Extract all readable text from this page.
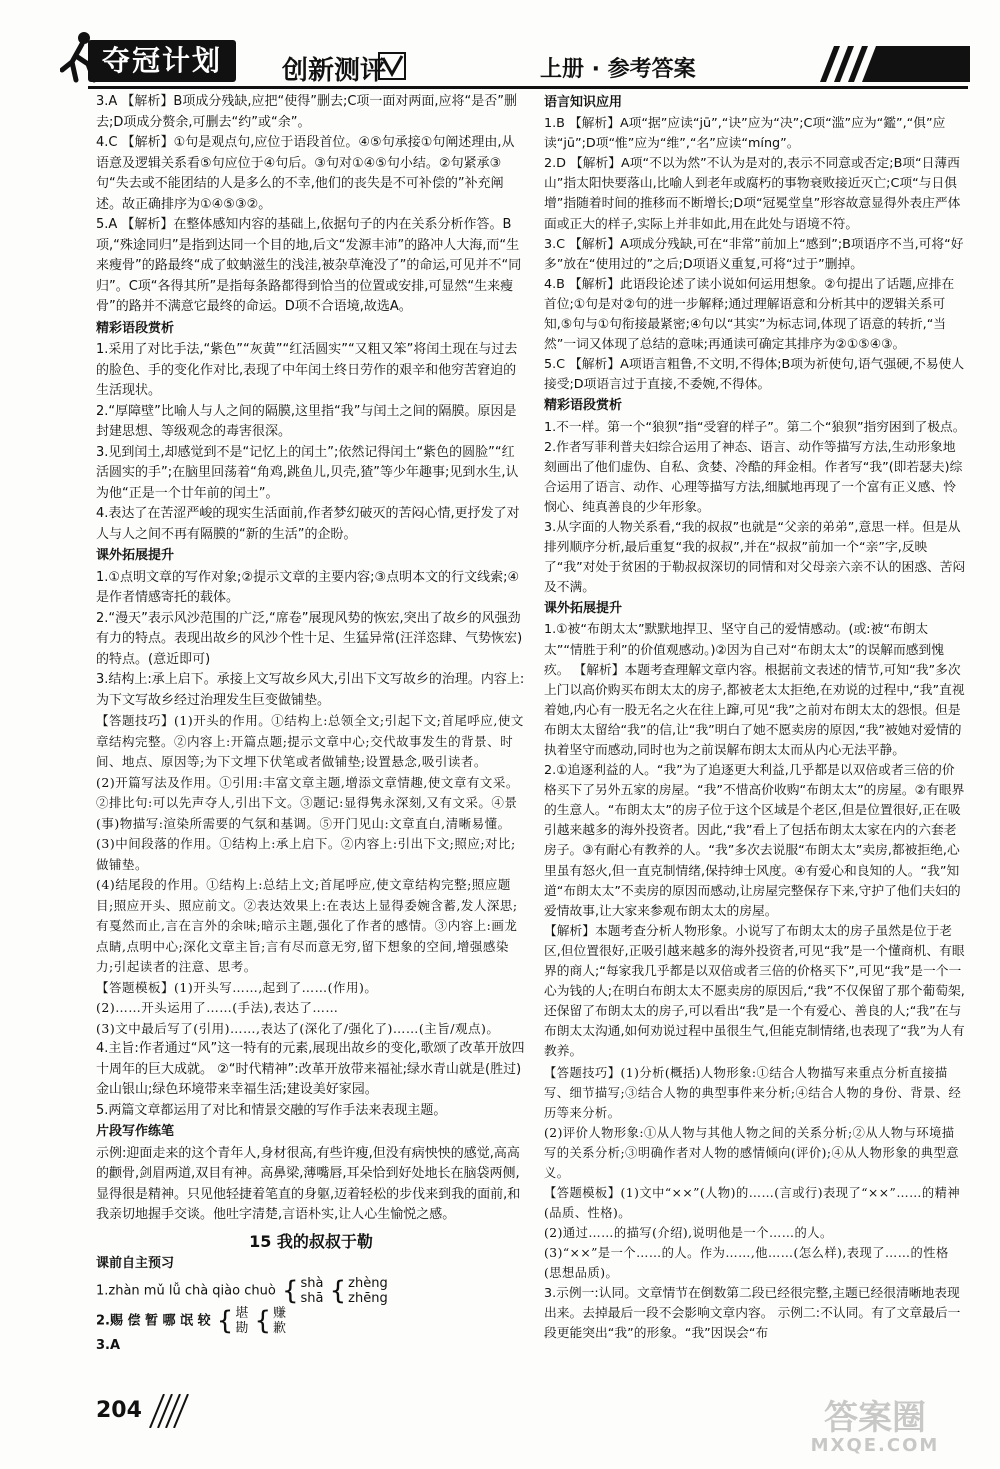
夺冠计划	创新测评	上册 · 参考答案
3.A 【解析】B项成分残缺,应把“使得”删去;C项一面对两面,应将“是否”删去;D项成分赘余,可删去“约”或“余”。
4.C 【解析】①句是观点句,应位于语段首位。④⑤句承接①句阐述理由,从语意及逻辑关系看⑤句应位于④句后。③句对①④⑤句小结。②句紧承③句“失去或不能团结的人是多么的不幸,他们的丧失是不可补偿的”补充阐述。故正确排序为①④⑤③②。
5.A 【解析】在整体感知内容的基础上,依据句子的内在关系分析作答。B项,“殊途同归”是指到达同一个目的地,后文“发源丰沛”的路冲人大海,而“生来瘦骨”的路最终“成了蚊蚋滋生的浅洼,被杂草淹没了”的命运,可见并不“同归”。C项“各得其所”是指每条路都得到恰当的位置或安排,可显然“生来瘦骨”的路并不满意它最终的命运。D项不合语境,故选A。
精彩语段赏析
1.采用了对比手法,“紫色”“灰黄”“红活圆实”“又粗又笨”将闰土现在与过去的脸色、手的变化作对比,表现了中年闰土终日劳作的艰辛和他穷苦窘迫的生活现状。
2.“厚障壁”比喻人与人之间的隔膜,这里指“我”与闰土之间的隔膜。原因是封建思想、等级观念的毒害很深。
3.见到闰土,却感觉到不是“记忆上的闰土”;依然记得闰土“紫色的圆脸”“红活圆实的手”;在脑里回荡着“角鸡,跳鱼儿,贝壳,猹”等少年趣事;见到水生,认为他“正是一个廿年前的闰土”。
4.表达了在苦涩严峻的现实生活面前,作者梦幻破灭的苦闷心情,更抒发了对人与人之间不再有隔膜的“新的生活”的企盼。
课外拓展提升
1.①点明文章的写作对象;②提示文章的主要内容;③点明本文的行文线索;④是作者情感寄托的载体。
2.“漫天”表示风沙范围的广泛,“席卷”展现风势的恢宏,突出了故乡的风强劲有力的特点。表现出故乡的风沙个性十足、生猛异常(汪洋恣肆、气势恢宏)的特点。(意近即可)
3.结构上:承上启下。承接上文写故乡风大,引出下文写故乡的治理。内容上:为下文写故乡经过治理发生巨变做铺垫。
【答题技巧】(1)开头的作用。①结构上:总领全文;引起下文;首尾呼应,使文章结构完整。②内容上:开篇点题;提示文章中心;交代故事发生的背景、时间、地点、原因等;为下文埋下伏笔或者做铺垫;设置悬念,吸引读者。
(2)开篇写法及作用。①引用:丰富文章主题,增添文章情趣,使文章有文采。②排比句:可以先声夺人,引出下文。③题记:显得隽永深刻,又有文采。④景(事)物描写:渲染所需要的气氛和基调。⑤开门见山:文章直白,清晰易懂。
(3)中间段落的作用。①结构上:承上启下。②内容上:引出下文;照应;对比;做铺垫。
(4)结尾段的作用。①结构上:总结上文;首尾呼应,使文章结构完整;照应题目;照应开头、照应前文。②表达效果上:在表达上显得委婉含蓄,发人深思;有戛然而止,言在言外的余味;暗示主题,强化了作者的感情。③内容上:画龙点睛,点明中心;深化文章主旨;言有尽而意无穷,留下想象的空间,增强感染力;引起读者的注意、思考。
【答题模板】(1)开头写……,起到了……(作用)。
(2)……开头运用了……(手法),表达了……
(3)文中最后写了(引用)……,表达了(深化了/强化了)……(主旨/观点)。
4.主旨:作者通过“风”这一特有的元素,展现出故乡的变化,歌颂了改革开放四十周年的巨大成就。 ②“时代精神”:改革开放带来福祉;绿水青山就是(胜过)金山银山;绿色环境带来幸福生活;建设美好家园。
5.两篇文章都运用了对比和情景交融的写作手法来表现主题。
片段写作练笔
示例:迎面走来的这个青年人,身材很高,有些许瘦,但没有病怏怏的感觉,高高的颧骨,剑眉两道,双目有神。高鼻梁,薄嘴唇,耳朵恰到好处地长在脑袋两侧,显得很是精神。只见他轻捷着笔直的身躯,迈着轻松的步伐来到我的面前,和我亲切地握手交谈。他吐字清楚,言语朴实,让人心生愉悦之感。
15 我的叔叔于勒
课前自主预习
1.zhàn mǔ lǚ chà qiào chuò { shà
shā { zhèng
zhēng
2.赐 偿 暂 哪 氓 较 { 堪
勘 { 赚
歉
3.A
语言知识应用
1.B 【解析】A项“据”应读“jū”,“诀”应为“决”;C项“滥”应为“鑑”,“俱”应读“jū”;D项“惟”应为“维”,“名”应读“míng”。
2.D 【解析】A项“不以为然”不认为是对的,表示不同意或否定;B项“日薄西山”指太阳快要落山,比喻人到老年或腐朽的事物衰败接近灭亡;C项“与日俱增”指随着时间的推移而不断增长;D项“冠冕堂皇”形容故意显得外表庄严体面或正大的样子,实际上并非如此,用在此处与语境不符。
3.C 【解析】A项成分残缺,可在“非常”前加上“感到”;B项语序不当,可将“好多”放在“使用过的”之后;D项语义重复,可将“过于”删掉。
4.B 【解析】此语段论述了读小说如何运用想象。②句提出了话题,应排在首位;①句是对②句的进一步解释;通过理解语意和分析其中的逻辑关系可知,⑤句与①句衔接最紧密;④句以“其实”为标志词,体现了语意的转折,“当然”一词又体现了总结的意味;再通读可确定其排序为②①⑤④③。
5.C 【解析】A项语言粗鲁,不文明,不得体;B项为祈使句,语气强硬,不易使人接受;D项语言过于直接,不委婉,不得体。
精彩语段赏析
1.不一样。第一个“狼狈”指“受窘的样子”。第二个“狼狈”指穷困到了极点。
2.作者写菲利普夫妇综合运用了神态、语言、动作等描写方法,生动形象地刻画出了他们虚伪、自私、贪婪、冷酷的拜金相。作者写“我”(即若瑟夫)综合运用了语言、动作、心理等描写方法,细腻地再现了一个富有正义感、怜悯心、纯真善良的少年形象。
3.从字面的人物关系看,“我的叔叔”也就是“父亲的弟弟”,意思一样。但是从排列顺序分析,最后重复“我的叔叔”,并在“叔叔”前加一个“亲”字,反映了“我”对处于贫困的于勒叔叔深切的同情和对父母亲六亲不认的困惑、苦闷及不满。
课外拓展提升
1.①被“布朗太太”默默地捍卫、坚守自己的爱情感动。(或:被“布朗太太”“情胜于利”的价值观感动。)②因为自己对“布朗太太”的误解而感到愧疚。 【解析】本题考查理解文章内容。根据前文表述的情节,可知“我”多次上门以高价购买布朗太太的房子,都被老太太拒绝,在劝说的过程中,“我”直视着她,内心有一股无名之火在往上蹿,可见“我”之前对布朗太太的怨恨。但是布朗太太留给“我”的信,让“我”明白了她不愿卖房的原因,“我”被她对爱情的执着坚守而感动,同时也为之前误解布朗太太而从内心无法平静。
2.①追逐利益的人。“我”为了追逐更大利益,几乎都是以双倍或者三倍的价格买下了另外五家的房屋。“我”不惜高价收购“布朗太太”的房屋。②有眼界的生意人。“布朗太太”的房子位于这个区域是个老区,但是位置很好,正在吸引越来越多的海外投资者。因此,“我”看上了包括布朗太太家在内的六套老房子。③有耐心有教养的人。“我”多次去说服“布朗太太”卖房,都被拒绝,心里虽有怒火,但一直克制情绪,保持绅士风度。④有爱心和良知的人。“我”知道“布朗太太”不卖房的原因而感动,让房屋完整保存下来,守护了他们夫妇的爱情故事,让大家来参观布朗太太的房屋。
【解析】本题考查分析人物形象。小说写了布朗太太的房子虽然是位于老区,但位置很好,正吸引越来越多的海外投资者,可见“我”是一个懂商机、有眼界的商人;“每家我几乎都是以双倍或者三倍的价格买下”,可见“我”是一个一心为钱的人;在明白布朗太太不愿卖房的原因后,“我”不仅保留了那个葡萄架,还保留了布朗太太的房子,可以看出“我”是一个有爱心、善良的人;“我”在与布朗太太沟通,如何劝说过程中虽很生气,但能克制情绪,也表现了“我”为人有教养。
【答题技巧】(1)分析(概括)人物形象:①结合人物描写来重点分析直接描写、细节描写;③结合人物的典型事件来分析;④结合人物的身份、背景、经历等来分析。
(2)评价人物形象:①从人物与其他人物之间的关系分析;②从人物与环境描写的关系分析;③明确作者对人物的感情倾向(评价);④从人物形象的典型意义。
【答题模板】(1)文中“××”(人物)的……(言或行)表现了“××”……的精神(品质、性格)。
(2)通过……的描写(介绍),说明他是一个……的人。
(3)“××”是一个……的人。作为……,他……(怎么样),表现了……的性格(思想品质)。
3.示例一:认同。文章情节在倒数第二段已经很完整,主题已经很清晰地表现出来。去掉最后一段不会影响文章内容。 示例二:不认同。有了文章最后一段更能突出“我”的形象。“我”因误会“布
204	答案圈
MXQE.COM
